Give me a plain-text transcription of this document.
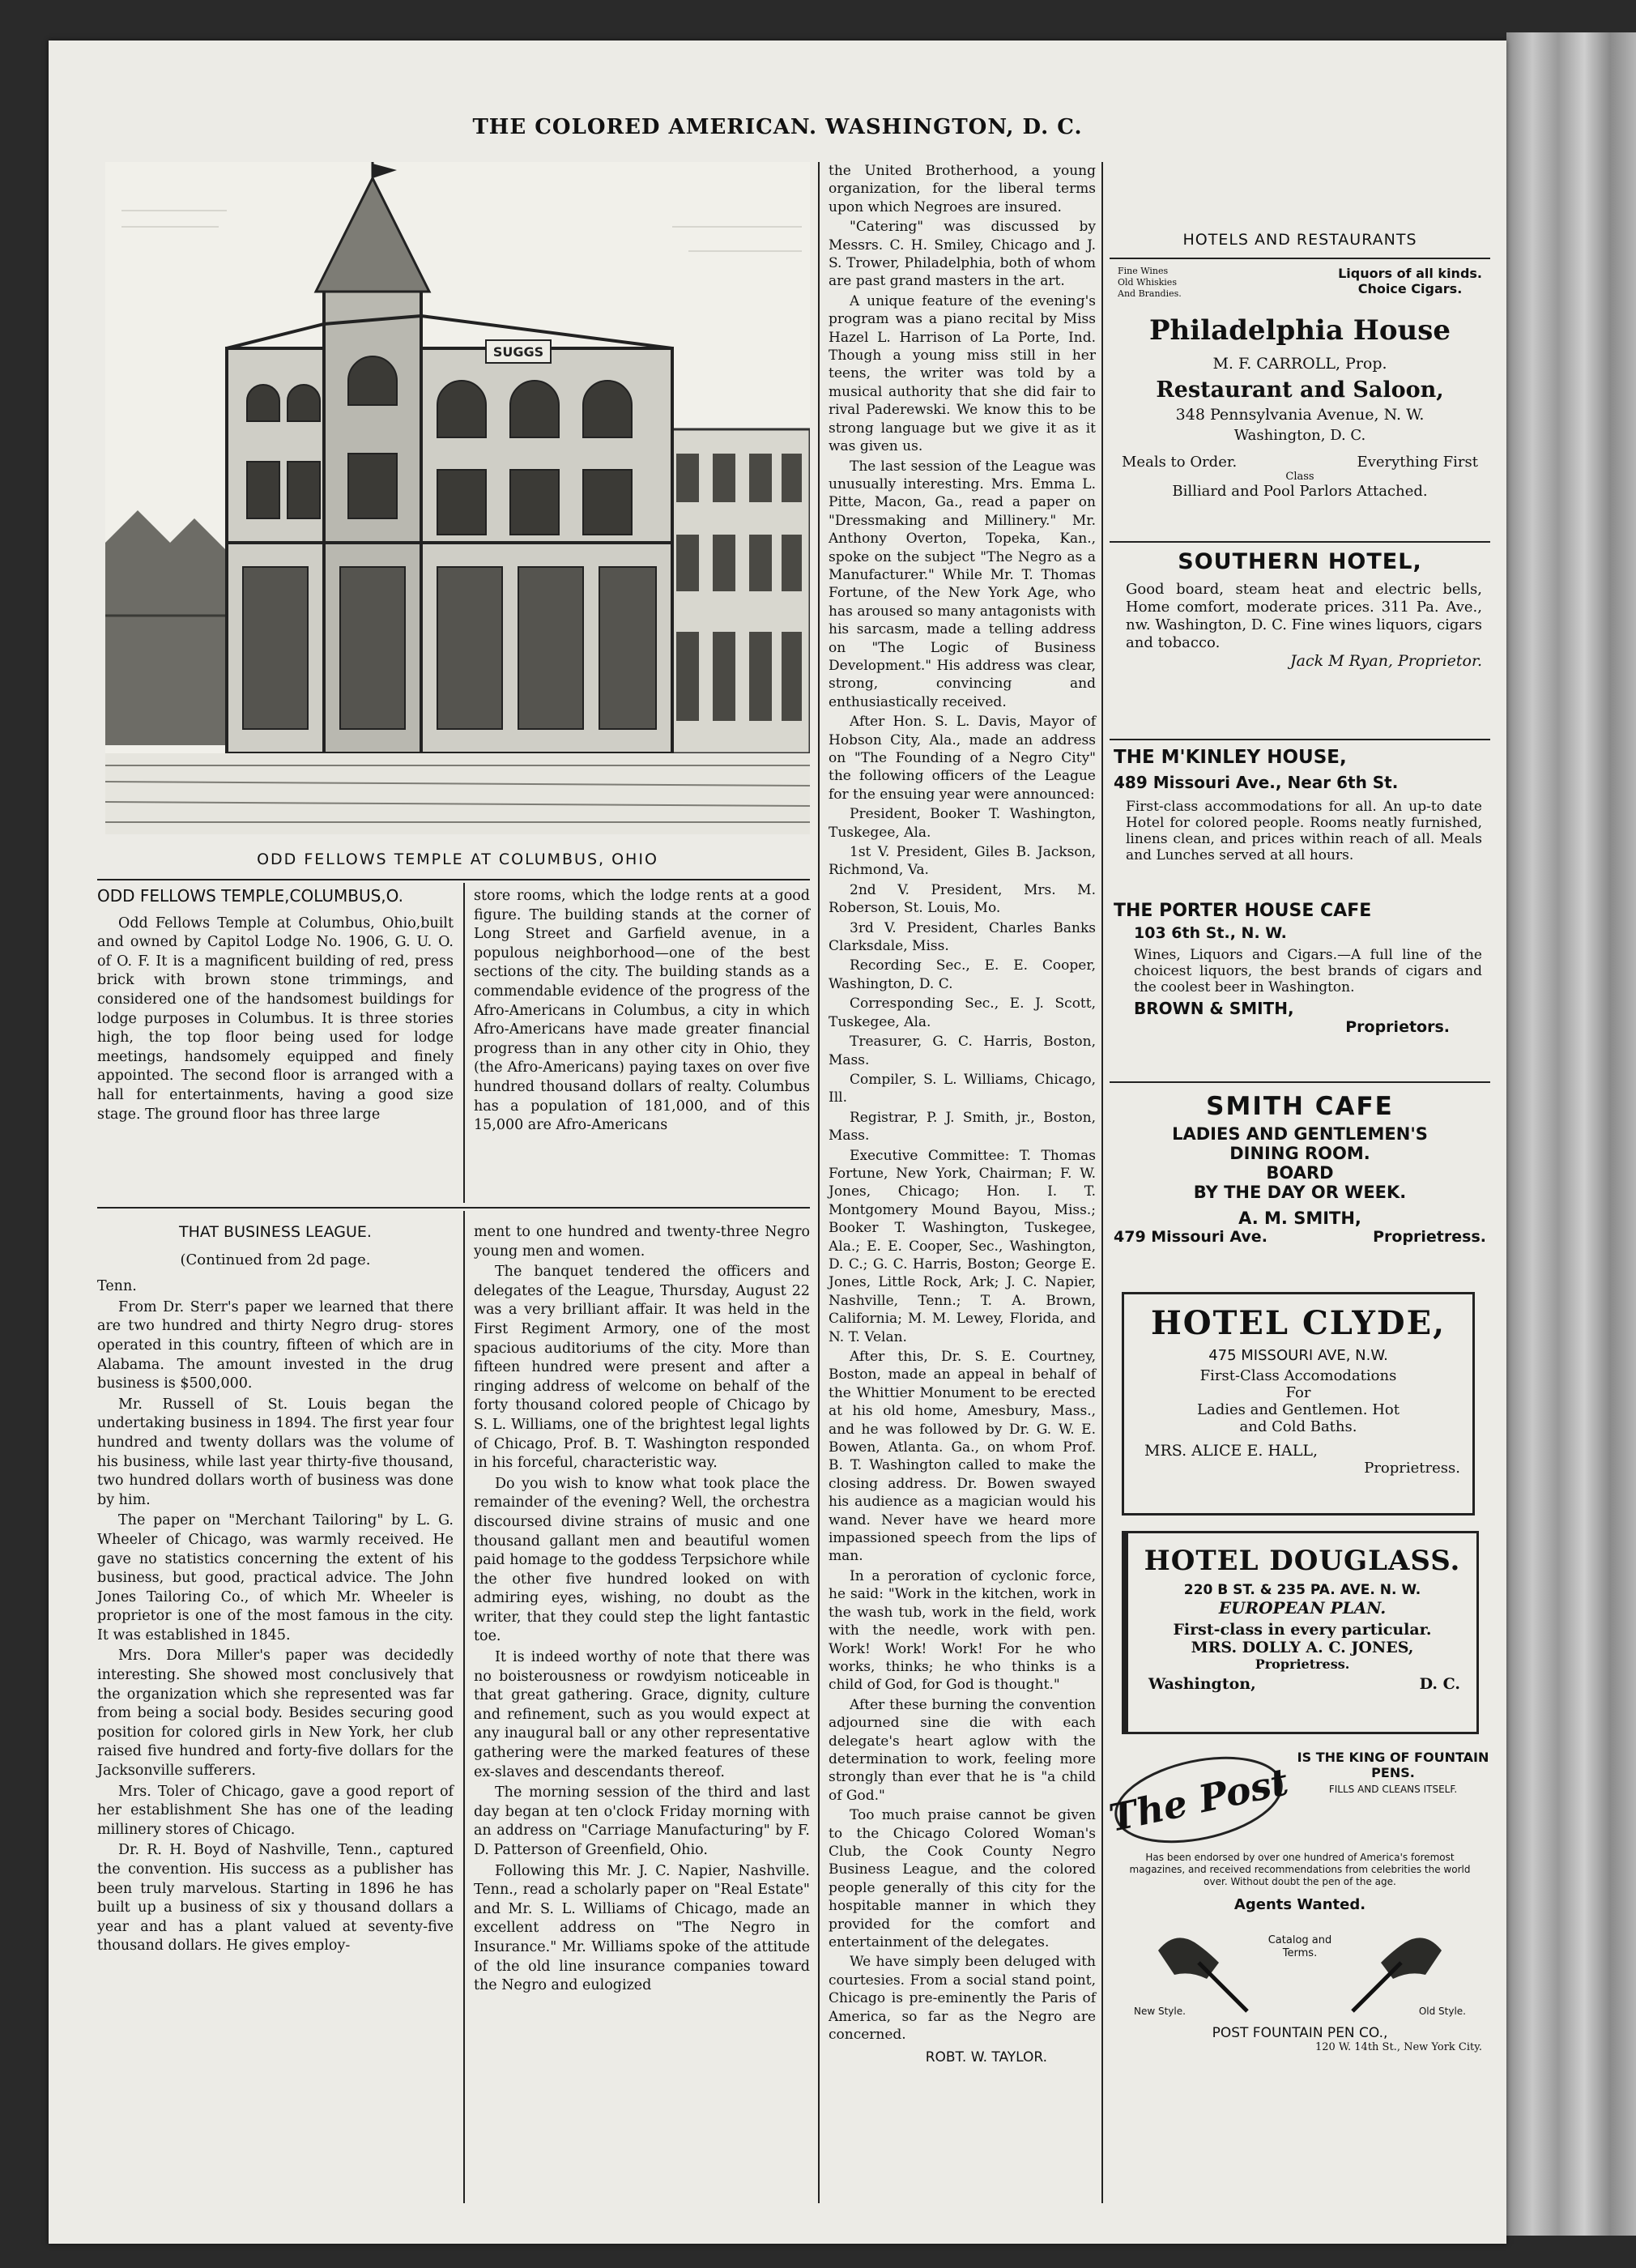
THE COLORED AMERICAN. WASHINGTON, D. C.
SUGGS
ODD FELLOWS TEMPLE AT COLUMBUS, OHIO
ODD FELLOWS TEMPLE,COLUMBUS,O.

Odd Fellows Temple at Columbus, Ohio,built and owned by Capitol Lodge No. 1906, G. U. O. of O. F. It is a magnificent building of red, press brick with brown stone trimmings, and considered one of the handsomest buildings for lodge purposes in Columbus. It is three stories high, the top floor being used for lodge meetings, handsomely equipped and finely appointed. The second floor is arranged with a hall for entertainments, having a good size stage. The ground floor has three large

store rooms, which the lodge rents at a good figure. The building stands at the corner of Long Street and Garfield avenue, in a populous neighborhood—one of the best sections of the city. The building stands as a commendable evidence of the progress of the Afro-Americans in Columbus, a city in which Afro-Americans have made greater financial progress than in any other city in Ohio, they (the Afro-Americans) paying taxes on over five hundred thousand dollars of realty. Columbus has a population of 181,000, and of this 15,000 are Afro-Americans

THAT BUSINESS LEAGUE.
(Continued from 2d page.

Tenn.

From Dr. Sterr's paper we learned that there are two hundred and thirty Negro drug- stores operated in this country, fifteen of which are in Alabama. The amount invested in the drug business is $500,000.

Mr. Russell of St. Louis began the undertaking business in 1894. The first year four hundred and twenty dollars was the volume of his business, while last year thirty-five thousand, two hundred dollars worth of business was done by him.

The paper on "Merchant Tailoring" by L. G. Wheeler of Chicago, was warmly received. He gave no statistics concerning the extent of his business, but good, practical advice. The John Jones Tailoring Co., of which Mr. Wheeler is proprietor is one of the most famous in the city. It was established in 1845.

Mrs. Dora Miller's paper was decidedly interesting. She showed most conclusively that the organization which she represented was far from being a social body. Besides securing good position for colored girls in New York, her club raised five hundred and forty-five dollars for the Jacksonville sufferers.

Mrs. Toler of Chicago, gave a good report of her establishment She has one of the leading millinery stores of Chicago.

Dr. R. H. Boyd of Nashville, Tenn., captured the convention. His success as a publisher has been truly marvelous. Starting in 1896 he has built up a business of six y thousand dollars a year and has a plant valued at seventy-five thousand dollars. He gives employ-

ment to one hundred and twenty-three Negro young men and women.

The banquet tendered the officers and delegates of the League, Thursday, August 22 was a very brilliant affair. It was held in the First Regiment Armory, one of the most spacious auditoriums of the city. More than fifteen hundred were present and after a ringing address of welcome on behalf of the forty thousand colored people of Chicago by S. L. Williams, one of the brightest legal lights of Chicago, Prof. B. T. Washington responded in his forceful, characteristic way.

Do you wish to know what took place the remainder of the evening? Well, the orchestra discoursed divine strains of music and one thousand gallant men and beautiful women paid homage to the goddess Terpsichore while the other five hundred looked on with admiring eyes, wishing, no doubt as the writer, that they could step the light fantastic toe.

It is indeed worthy of note that there was no boisterousness or rowdyism noticeable in that great gathering. Grace, dignity, culture and refinement, such as you would expect at any inaugural ball or any other representative gathering were the marked features of these ex-slaves and descendants thereof.

The morning session of the third and last day began at ten o'clock Friday morning with an address on "Carriage Manufacturing" by F. D. Patterson of Greenfield, Ohio.

Following this Mr. J. C. Napier, Nashville. Tenn., read a scholarly paper on "Real Estate" and Mr. S. L. Williams of Chicago, made an excellent address on "The Negro in Insurance." Mr. Williams spoke of the attitude of the old line insurance companies toward the Negro and eulogized

the United Brotherhood, a young organization, for the liberal terms upon which Negroes are insured.

"Catering" was discussed by Messrs. C. H. Smiley, Chicago and J. S. Trower, Philadelphia, both of whom are past grand masters in the art.

A unique feature of the evening's program was a piano recital by Miss Hazel L. Harrison of La Porte, Ind. Though a young miss still in her teens, the writer was told by a musical authority that she did fair to rival Paderewski. We know this to be strong language but we give it as it was given us.

The last session of the League was unusually interesting. Mrs. Emma L. Pitte, Macon, Ga., read a paper on "Dressmaking and Millinery." Mr. Anthony Overton, Topeka, Kan., spoke on the subject "The Negro as a Manufacturer." While Mr. T. Thomas Fortune, of the New York Age, who has aroused so many antagonists with his sarcasm, made a telling address on "The Logic of Business Development." His address was clear, strong, convincing and enthusiastically received.

After Hon. S. L. Davis, Mayor of Hobson City, Ala., made an address on "The Founding of a Negro City" the following officers of the League for the ensuing year were announced:

President, Booker T. Washington, Tuskegee, Ala.

1st V. President, Giles B. Jackson, Richmond, Va.

2nd V. President, Mrs. M. Roberson, St. Louis, Mo.

3rd V. President, Charles Banks Clarksdale, Miss.

Recording Sec., E. E. Cooper, Washington, D. C.

Corresponding Sec., E. J. Scott, Tuskegee, Ala.

Treasurer, G. C. Harris, Boston, Mass.

Compiler, S. L. Williams, Chicago, Ill.

Registrar, P. J. Smith, jr., Boston, Mass.

Executive Committee: T. Thomas Fortune, New York, Chairman; F. W. Jones, Chicago; Hon. I. T. Montgomery Mound Bayou, Miss.; Booker T. Washington, Tuskegee, Ala.; E. E. Cooper, Sec., Washington, D. C.; G. C. Harris, Boston; George E. Jones, Little Rock, Ark; J. C. Napier, Nashville, Tenn.; T. A. Brown, California; M. M. Lewey, Florida, and N. T. Velan.

After this, Dr. S. E. Courtney, Boston, made an appeal in behalf of the Whittier Monument to be erected at his old home, Amesbury, Mass., and he was followed by Dr. G. W. E. Bowen, Atlanta. Ga., on whom Prof. B. T. Washington called to make the closing address. Dr. Bowen swayed his audience as a magician would his wand. Never have we heard more impassioned speech from the lips of man.

In a peroration of cyclonic force, he said: "Work in the kitchen, work in the wash tub, work in the field, work with the needle, work with pen. Work! Work! Work! For he who works, thinks; he who thinks is a child of God, for God is thought."

After these burning the convention adjourned sine die with each delegate's heart aglow with the determination to work, feeling more strongly than ever that he is "a child of God."

Too much praise cannot be given to the Chicago Colored Woman's Club, the Cook County Negro Business League, and the colored people generally of this city for the hospitable manner in which they provided for the comfort and entertainment of the delegates.

We have simply been deluged with courtesies. From a social stand point, Chicago is pre-eminently the Paris of America, so far as the Negro are concerned.

ROBT. W. TAYLOR.

HOTELS AND RESTAURANTS
Fine Wines
Old Whiskies
And Brandies.
Liquors of all kinds.
Choice Cigars.
Philadelphia House
M. F. CARROLL, Prop.
Restaurant and Saloon,
348 Pennsylvania Avenue, N. W.
Washington, D. C.
Meals to Order.	Everything First
Class
Billiard and Pool Parlors Attached.
SOUTHERN HOTEL,
Good board, steam heat and electric bells, Home comfort, moderate prices. 311 Pa. Ave., nw. Washington, D. C. Fine wines liquors, cigars and tobacco.
Jack M Ryan, Proprietor.
THE M'KINLEY HOUSE,
489 Missouri Ave., Near 6th St.
First-class accommodations for all. An up-to date Hotel for colored people. Rooms neatly furnished, linens clean, and prices within reach of all. Meals and Lunches served at all hours.
THE PORTER HOUSE CAFE
103 6th St., N. W.
Wines, Liquors and Cigars.—A full line of the choicest liquors, the best brands of cigars and the coolest beer in Washington.
BROWN & SMITH,
Proprietors.
SMITH CAFE
LADIES AND GENTLEMEN'S
DINING ROOM.
BOARD
BY THE DAY OR WEEK.
A. M. SMITH,
479 Missouri Ave.	Proprietress.
HOTEL CLYDE,
475 MISSOURI AVE, N.W.
First-Class Accomodations
For
Ladies and Gentlemen. Hot
and Cold Baths.
MRS. ALICE E. HALL,
Proprietress.
HOTEL DOUGLASS.
220 B ST. & 235 PA. AVE. N. W.
EUROPEAN PLAN.
First-class in every particular.
MRS. DOLLY A. C. JONES,
Proprietress.
Washington,	D. C.
The Post
IS THE KING OF FOUNTAIN PENS.
FILLS AND CLEANS ITSELF.
Has been endorsed by over one hundred of America's foremost magazines, and received recommendations from celebrities the world over. Without doubt the pen of the age.
Agents Wanted.
Catalog and Terms.
New Style.	Old Style.
POST FOUNTAIN PEN CO.,
120 W. 14th St., New York City.
